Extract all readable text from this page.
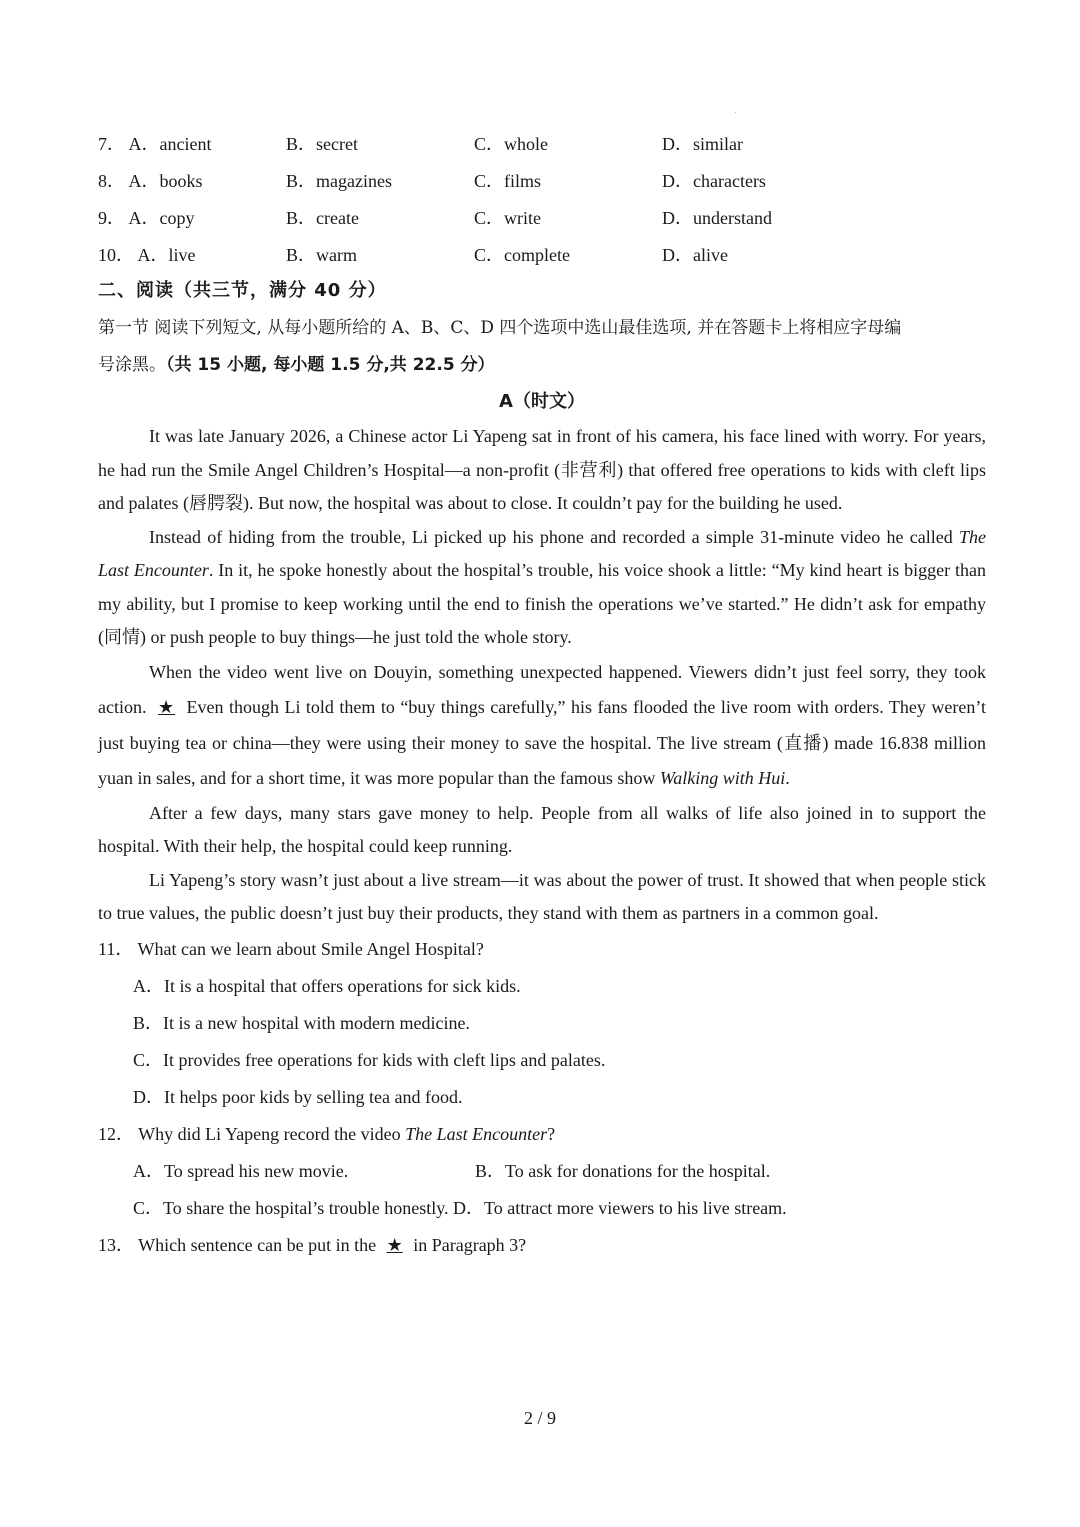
7． A．ancient	B．secret	C．whole	D．similar
8． A．books	B．magazines	C．films	D．characters
9． A．copy	B．create	C．write	D．understand
10． A．live	B．warm	C．complete	D．alive
二、阅读（共三节，满分 40 分）
第一节 阅读下列短文, 从每小题所给的 A、B、C、D 四个选项中选山最佳选项, 并在答题卡上将相应字母编
号涂黑。（共 15 小题, 每小题 1.5 分,共 22.5 分）
A（时文）

It was late January 2026, a Chinese actor Li Yapeng sat in front of his camera, his face lined with worry. For years, he had run the Smile Angel Children’s Hospital—a non-profit (非营利) that offered free operations to kids with cleft lips and palates (唇腭裂). But now, the hospital was about to close. It couldn’t pay for the building he used.

Instead of hiding from the trouble, Li picked up his phone and recorded a simple 31-minute video he called The Last Encounter. In it, he spoke honestly about the hospital’s trouble, his voice shook a little: “My kind heart is bigger than my ability, but I promise to keep working until the end to finish the operations we’ve started.” He didn’t ask for empathy (同情) or push people to buy things—he just told the whole story.

When the video went live on Douyin, something unexpected happened. Viewers didn’t just feel sorry, they took action. ★ Even though Li told them to “buy things carefully,” his fans flooded the live room with orders. They weren’t just buying tea or china—they were using their money to save the hospital. The live stream (直播) made 16.838 million yuan in sales, and for a short time, it was more popular than the famous show Walking with Hui.

After a few days, many stars gave money to help. People from all walks of life also joined in to support the hospital. With their help, the hospital could keep running.

Li Yapeng’s story wasn’t just about a live stream—it was about the power of trust. It showed that when people stick to true values, the public doesn’t just buy their products, they stand with them as partners in a common goal.

11． What can we learn about Smile Angel Hospital?
A．It is a hospital that offers operations for sick kids.
B．It is a new hospital with modern medicine.
C．It provides free operations for kids with cleft lips and palates.
D．It helps poor kids by selling tea and food.
12． Why did Li Yapeng record the video The Last Encounter?
A．To spread his new movie.	B．To ask for donations for the hospital.
C．To share the hospital’s trouble honestly.
D．To attract more viewers to his live stream.
13． Which sentence can be put in the ★ in Paragraph 3?
2 / 9
